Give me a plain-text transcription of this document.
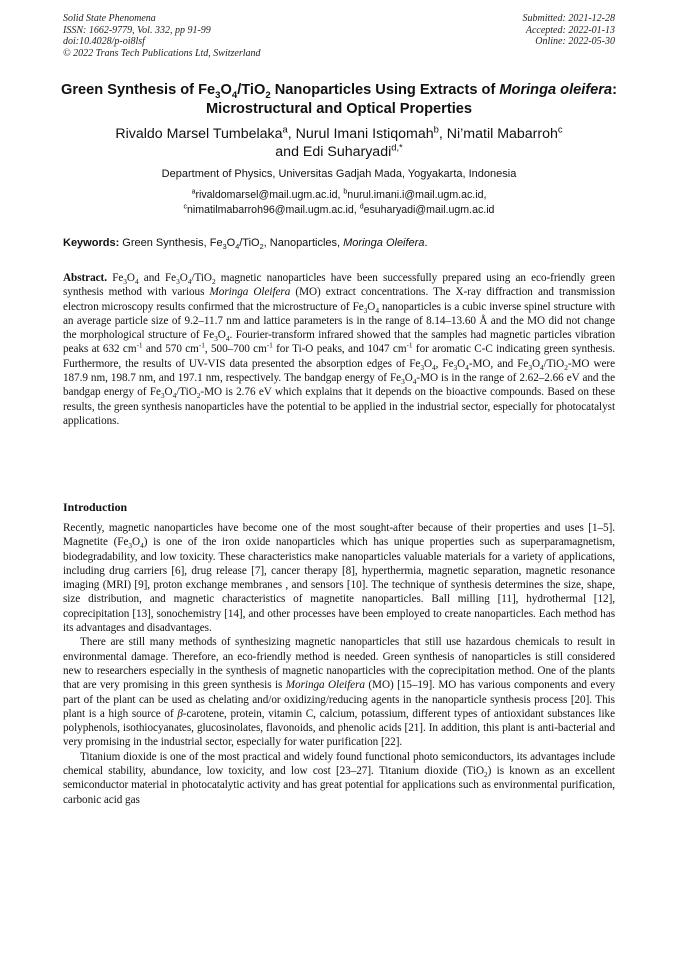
Solid State Phenomena
ISSN: 1662-9779, Vol. 332, pp 91-99
doi:10.4028/p-oi8lsf
© 2022 Trans Tech Publications Ltd, Switzerland
Submitted: 2021-12-28
Accepted: 2022-01-13
Online: 2022-05-30
Green Synthesis of $Fe_3O_4/TiO_2$ Nanoparticles Using Extracts of Moringa oleifera: Microstructural and Optical Properties
Rivaldo Marsel Tumbelaka$^a$, Nurul Imani Istiqomah$^b$, Ni’matil Mabarroh$^c$
and Edi Suharyadi$^{d,*}$
Department of Physics, Universitas Gadjah Mada, Yogyakarta, Indonesia
$^a$rivaldomarsel@mail.ugm.ac.id, $^b$nurul.imani.i@mail.ugm.ac.id,
$^c$nimatilmabarroh96@mail.ugm.ac.id, $^d$esuharyadi@mail.ugm.ac.id
Keywords: Green Synthesis, $Fe_3O_4/TiO_2$, Nanoparticles, Moringa Oleifera.
Abstract. $Fe_3O_4$ and $Fe_3O_4/TiO_2$ magnetic nanoparticles have been successfully prepared using an eco-friendly green synthesis method with various Moringa Oleifera (MO) extract concentrations. The X-ray diffraction and transmission electron microscopy results confirmed that the microstructure of $Fe_3O_4$ nanoparticles is a cubic inverse spinel structure with an average particle size of 9.2–11.7 nm and lattice parameters is in the range of 8.14–13.60 Å and the MO did not change the morphological structure of $Fe_3O_4$. Fourier-transform infrared showed that the samples had magnetic particles vibration peaks at 632 $cm^{-1}$ and 570 $cm^{-1}$, 500–700 $cm^{-1}$ for Ti-O peaks, and 1047 $cm^{-1}$ for aromatic C-C indicating green synthesis. Furthermore, the results of UV-VIS data presented the absorption edges of $Fe_3O_4$, $Fe_3O_4-MO$, and $Fe_3O_4/TiO_2-MO$ were 187.9 nm, 198.7 nm, and 197.1 nm, respectively. The bandgap energy of $Fe_3O_4-MO$ is in the range of 2.62–2.66 eV and the bandgap energy of $Fe_3O_4/TiO_2-MO$ is 2.76 eV which explains that it depends on the bioactive compounds. Based on these results, the green synthesis nanoparticles have the potential to be applied in the industrial sector, especially for photocatalyst applications.
Introduction

Recently, magnetic nanoparticles have become one of the most sought-after because of their properties and uses [1–5]. Magnetite $(Fe_3O_4)$ is one of the iron oxide nanoparticles which has unique properties such as superparamagnetism, biodegradability, and low toxicity. These characteristics make nanoparticles valuable materials for a variety of applications, including drug carriers [6], drug release [7], cancer therapy [8], hyperthermia, magnetic separation, magnetic resonance imaging (MRI) [9], proton exchange membranes , and sensors [10]. The technique of synthesis determines the size, shape, size distribution, and magnetic characteristics of magnetite nanoparticles. Ball milling [11], hydrothermal [12], coprecipitation [13], sonochemistry [14], and other processes have been employed to create nanoparticles. Each method has its advantages and disadvantages.

There are still many methods of synthesizing magnetic nanoparticles that still use hazardous chemicals to result in environmental damage. Therefore, an eco-friendly method is needed. Green synthesis of nanoparticles is still considered new to researchers especially in the synthesis of magnetic nanoparticles with the coprecipitation method. One of the plants that are very promising in this green synthesis is Moringa Oleifera (MO) [15–19]. MO has various components and every part of the plant can be used as chelating and/or oxidizing/reducing agents in the nanoparticle synthesis process [20]. This plant is a high source of β-carotene, protein, vitamin C, calcium, potassium, different types of antioxidant substances like polyphenols, isothiocyanates, glucosinolates, flavonoids, and phenolic acids [21]. In addition, this plant is anti-bacterial and very promising in the industrial sector, especially for water purification [22].

Titanium dioxide is one of the most practical and widely found functional photo semiconductors, its advantages include chemical stability, abundance, low toxicity, and low cost [23–27]. Titanium dioxide (TiO$_2$) is known as an excellent semiconductor material in photocatalytic activity and has great potential for applications such as environmental purification, carbonic acid gas
